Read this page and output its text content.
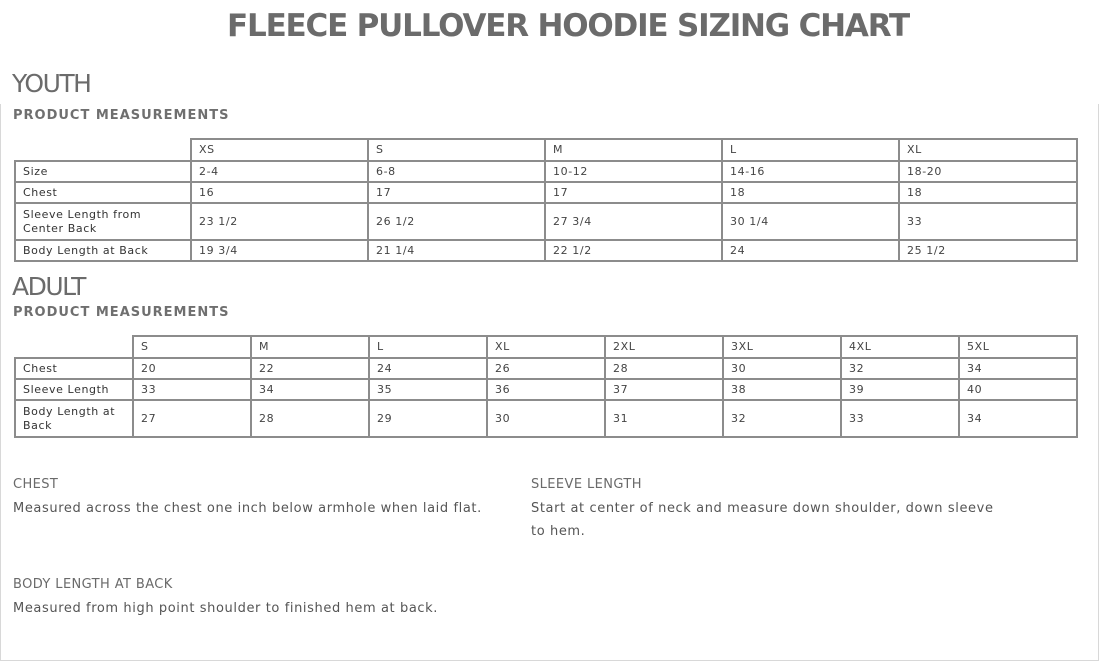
FLEECE PULLOVER HOODIE SIZING CHART
YOUTH
PRODUCT MEASUREMENTS
	XS	S	M	L	XL
Size	2-4	6-8	10-12	14-16	18-20
Chest	16	17	17	18	18
Sleeve Length from Center Back	23 1/2	26 1/2	27 3/4	30 1/4	33
Body Length at Back	19 3/4	21 1/4	22 1/2	24	25 1/2
ADULT
PRODUCT MEASUREMENTS
	S	M	L	XL	2XL	3XL	4XL	5XL
Chest	20	22	24	26	28	30	32	34
Sleeve Length	33	34	35	36	37	38	39	40
Body Length at Back	27	28	29	30	31	32	33	34
CHEST
Measured across the chest one inch below armhole when laid flat.
SLEEVE LENGTH
Start at center of neck and measure down shoulder, down sleeve to hem.
BODY LENGTH AT BACK
Measured from high point shoulder to finished hem at back.
